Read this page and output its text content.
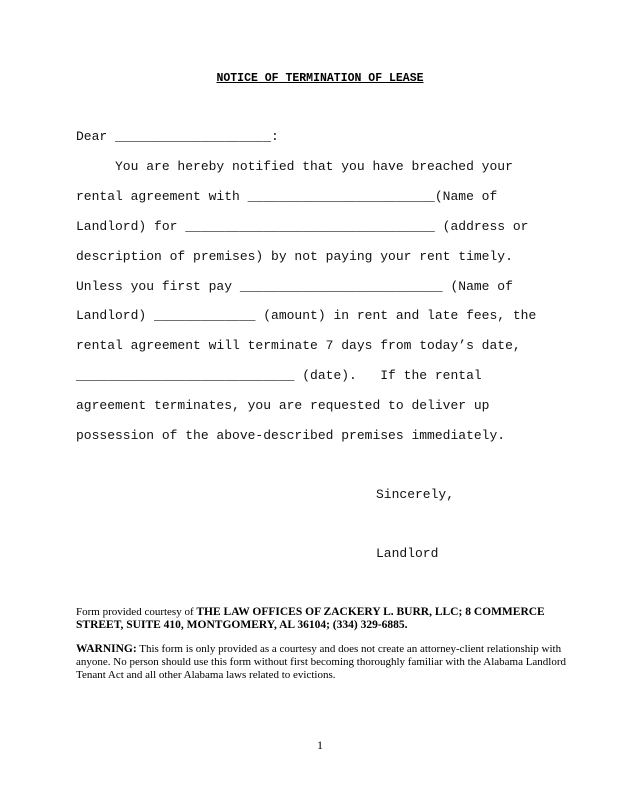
NOTICE OF TERMINATION OF LEASE
Dear ____________________:
You are hereby notified that you have breached your
rental agreement with ________________________(Name of
Landlord) for ________________________________ (address or
description of premises) by not paying your rent timely.
Unless you first pay __________________________ (Name of
Landlord) _____________ (amount) in rent and late fees, the
rental agreement will terminate 7 days from today’s date,
____________________________ (date).   If the rental
agreement terminates, you are requested to deliver up
possession of the above-described premises immediately.
Sincerely,
Landlord
Form provided courtesy of THE LAW OFFICES OF ZACKERY L. BURR, LLC; 8 COMMERCE STREET, SUITE 410, MONTGOMERY, AL 36104; (334) 329-6885.
WARNING: This form is only provided as a courtesy and does not create an attorney-client relationship with anyone. No person should use this form without first becoming thoroughly familiar with the Alabama Landlord Tenant Act and all other Alabama laws related to evictions.
1
